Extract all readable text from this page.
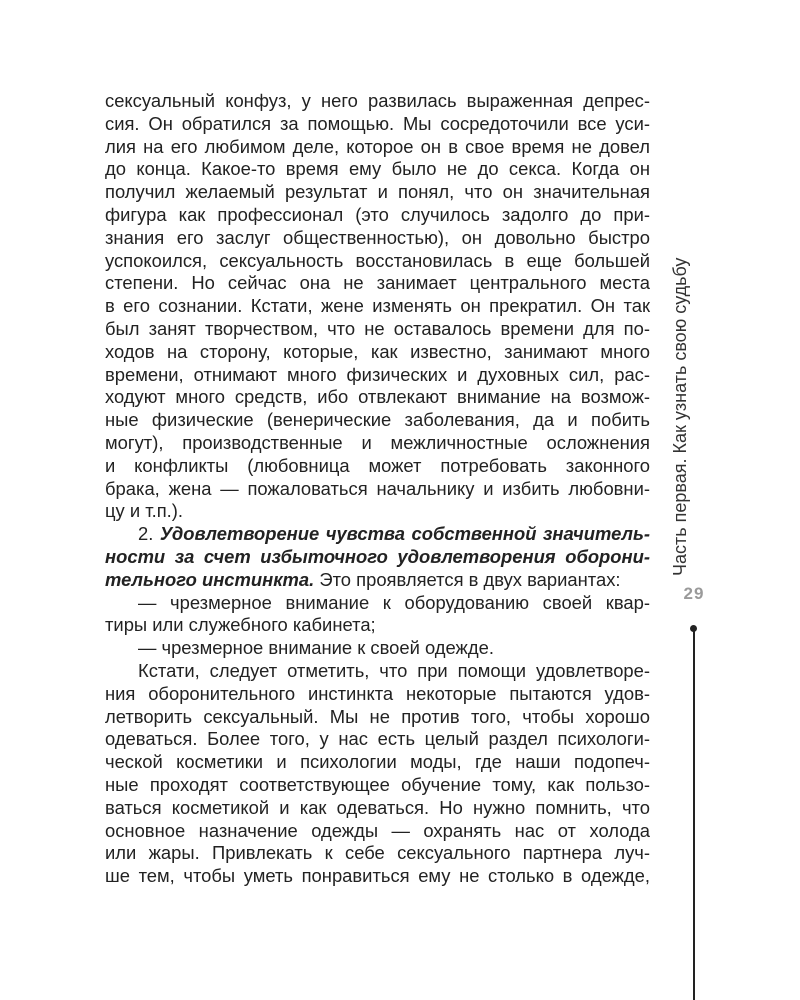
сексуальный конфуз, у него развилась выраженная депрес-
сия. Он обратился за помощью. Мы сосредоточили все уси-
лия на его любимом деле, которое он в свое время не довел
до конца. Какое-то время ему было не до секса. Когда он
получил желаемый результат и понял, что он значительная
фигура как профессионал (это случилось задолго до при-
знания его заслуг общественностью), он довольно быстро
успокоился, сексуальность восстановилась в еще большей
степени. Но сейчас она не занимает центрального места
в его сознании. Кстати, жене изменять он прекратил. Он так
был занят творчеством, что не оставалось времени для по-
ходов на сторону, которые, как известно, занимают много
времени, отнимают много физических и духовных сил, рас-
ходуют много средств, ибо отвлекают внимание на возмож-
ные физические (венерические заболевания, да и побить
могут), производственные и межличностные осложнения
и конфликты (любовница может потребовать законного
брака, жена — пожаловаться начальнику и избить любовни-
цу и т.п.).
2. Удовлетворение чувства собственной значитель-
ности за счет избыточного удовлетворения оборони-
тельного инстинкта. Это проявляется в двух вариантах:
— чрезмерное внимание к оборудованию своей квар-
тиры или служебного кабинета;
— чрезмерное внимание к своей одежде.
Кстати, следует отметить, что при помощи удовлетворе-
ния оборонительного инстинкта некоторые пытаются удов-
летворить сексуальный. Мы не против того, чтобы хорошо
одеваться. Более того, у нас есть целый раздел психологи-
ческой косметики и психологии моды, где наши подопеч-
ные проходят соответствующее обучение тому, как пользо-
ваться косметикой и как одеваться. Но нужно помнить, что
основное назначение одежды — охранять нас от холода
или жары. Привлекать к себе сексуального партнера луч-
ше тем, чтобы уметь понравиться ему не столько в одежде,
Часть первая. Как узнать свою судьбу
29
